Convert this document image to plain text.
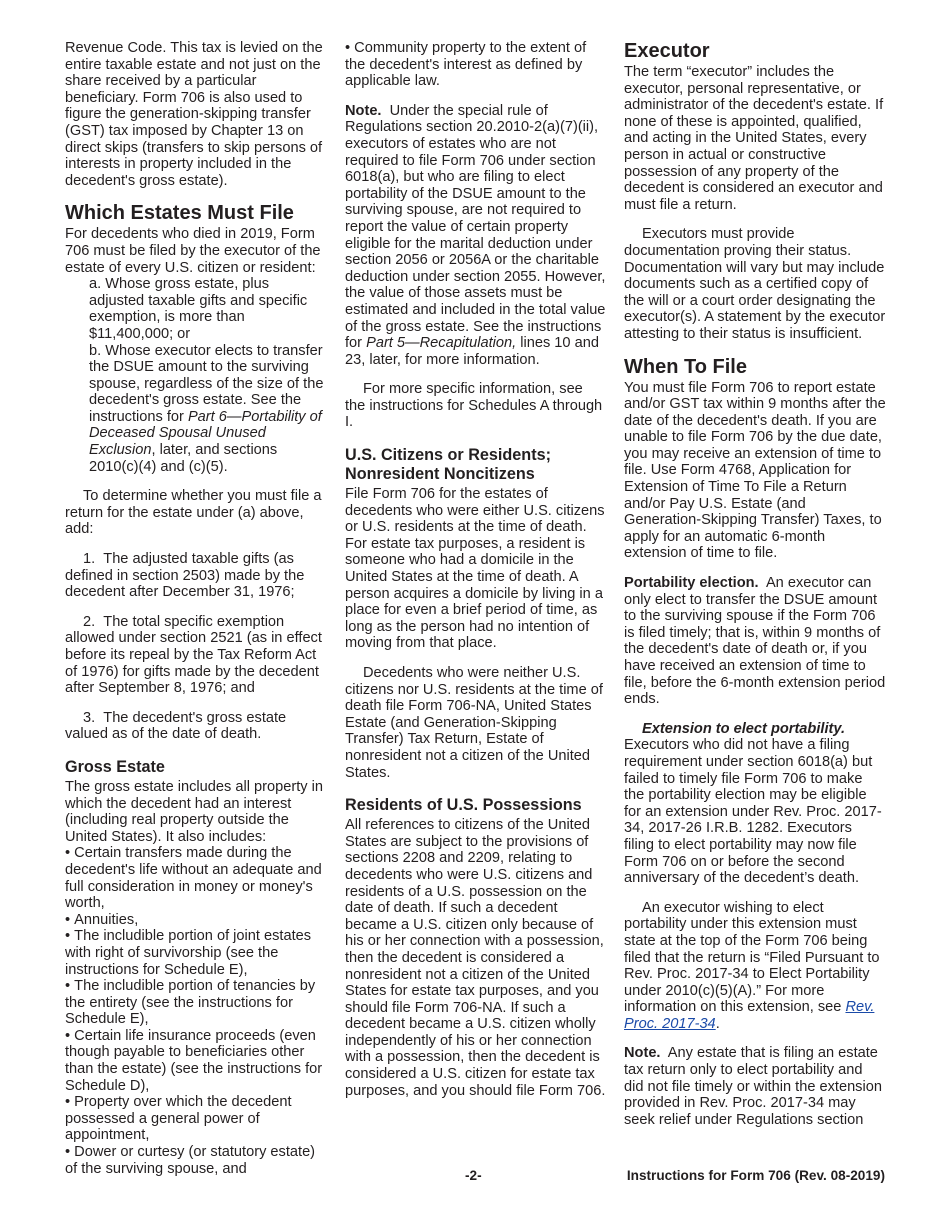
Revenue Code. This tax is levied on the entire taxable estate and not just on the share received by a particular beneficiary. Form 706 is also used to figure the generation-skipping transfer (GST) tax imposed by Chapter 13 on direct skips (transfers to skip persons of interests in property included in the decedent's gross estate).

Which Estates Must File

For decedents who died in 2019, Form 706 must be filed by the executor of the estate of every U.S. citizen or resident:

a. Whose gross estate, plus adjusted taxable gifts and specific exemption, is more than $11,400,000; or

b. Whose executor elects to transfer the DSUE amount to the surviving spouse, regardless of the size of the decedent's gross estate. See the instructions for Part 6—Portability of Deceased Spousal Unused Exclusion, later, and sections 2010(c)(4) and (c)(5).

To determine whether you must file a return for the estate under (a) above, add:

1.  The adjusted taxable gifts (as defined in section 2503) made by the decedent after December 31, 1976;

2.  The total specific exemption allowed under section 2521 (as in effect before its repeal by the Tax Reform Act of 1976) for gifts made by the decedent after September 8, 1976; and

3.  The decedent's gross estate valued as of the date of death.

Gross Estate

The gross estate includes all property in which the decedent had an interest (including real property outside the United States). It also includes:

• Certain transfers made during the decedent's life without an adequate and full consideration in money or money's worth,

• Annuities,

• The includible portion of joint estates with right of survivorship (see the instructions for Schedule E),

• The includible portion of tenancies by the entirety (see the instructions for Schedule E),

• Certain life insurance proceeds (even though payable to beneficiaries other than the estate) (see the instructions for Schedule D),

• Property over which the decedent possessed a general power of appointment,

• Dower or curtesy (or statutory estate) of the surviving spouse, and

• Community property to the extent of the decedent's interest as defined by applicable law.

Note. Under the special rule of Regulations section 20.2010-2(a)(7)(ii), executors of estates who are not required to file Form 706 under section 6018(a), but who are filing to elect portability of the DSUE amount to the surviving spouse, are not required to report the value of certain property eligible for the marital deduction under section 2056 or 2056A or the charitable deduction under section 2055. However, the value of those assets must be estimated and included in the total value of the gross estate. See the instructions for Part 5—Recapitulation, lines 10 and 23, later, for more information.

For more specific information, see the instructions for Schedules A through I.

U.S. Citizens or Residents; Nonresident Noncitizens

File Form 706 for the estates of decedents who were either U.S. citizens or U.S. residents at the time of death. For estate tax purposes, a resident is someone who had a domicile in the United States at the time of death. A person acquires a domicile by living in a place for even a brief period of time, as long as the person had no intention of moving from that place.

Decedents who were neither U.S. citizens nor U.S. residents at the time of death file Form 706-NA, United States Estate (and Generation-Skipping Transfer) Tax Return, Estate of nonresident not a citizen of the United States.

Residents of U.S. Possessions

All references to citizens of the United States are subject to the provisions of sections 2208 and 2209, relating to decedents who were U.S. citizens and residents of a U.S. possession on the date of death. If such a decedent became a U.S. citizen only because of his or her connection with a possession, then the decedent is considered a nonresident not a citizen of the United States for estate tax purposes, and you should file Form 706-NA. If such a decedent became a U.S. citizen wholly independently of his or her connection with a possession, then the decedent is considered a U.S. citizen for estate tax purposes, and you should file Form 706.

Executor

The term “executor” includes the executor, personal representative, or administrator of the decedent's estate. If none of these is appointed, qualified, and acting in the United States, every person in actual or constructive possession of any property of the decedent is considered an executor and must file a return.

Executors must provide documentation proving their status. Documentation will vary but may include documents such as a certified copy of the will or a court order designating the executor(s). A statement by the executor attesting to their status is insufficient.

When To File

You must file Form 706 to report estate and/or GST tax within 9 months after the date of the decedent's death. If you are unable to file Form 706 by the due date, you may receive an extension of time to file. Use Form 4768, Application for Extension of Time To File a Return and/or Pay U.S. Estate (and Generation-Skipping Transfer) Taxes, to apply for an automatic 6-month extension of time to file.

Portability election. An executor can only elect to transfer the DSUE amount to the surviving spouse if the Form 706 is filed timely; that is, within 9 months of the decedent's date of death or, if you have received an extension of time to file, before the 6-month extension period ends.

Extension to elect portability.

Executors who did not have a filing requirement under section 6018(a) but failed to timely file Form 706 to make the portability election may be eligible for an extension under Rev. Proc. 2017-34, 2017-26 I.R.B. 1282. Executors filing to elect portability may now file Form 706 on or before the second anniversary of the decedent’s death.

An executor wishing to elect portability under this extension must state at the top of the Form 706 being filed that the return is “Filed Pursuant to Rev. Proc. 2017-34 to Elect Portability under 2010(c)(5)(A).” For more information on this extension, see Rev. Proc. 2017-34.

Note. Any estate that is filing an estate tax return only to elect portability and did not file timely or within the extension provided in Rev. Proc. 2017-34 may seek relief under Regulations section

-2-	Instructions for Form 706 (Rev. 08-2019)
